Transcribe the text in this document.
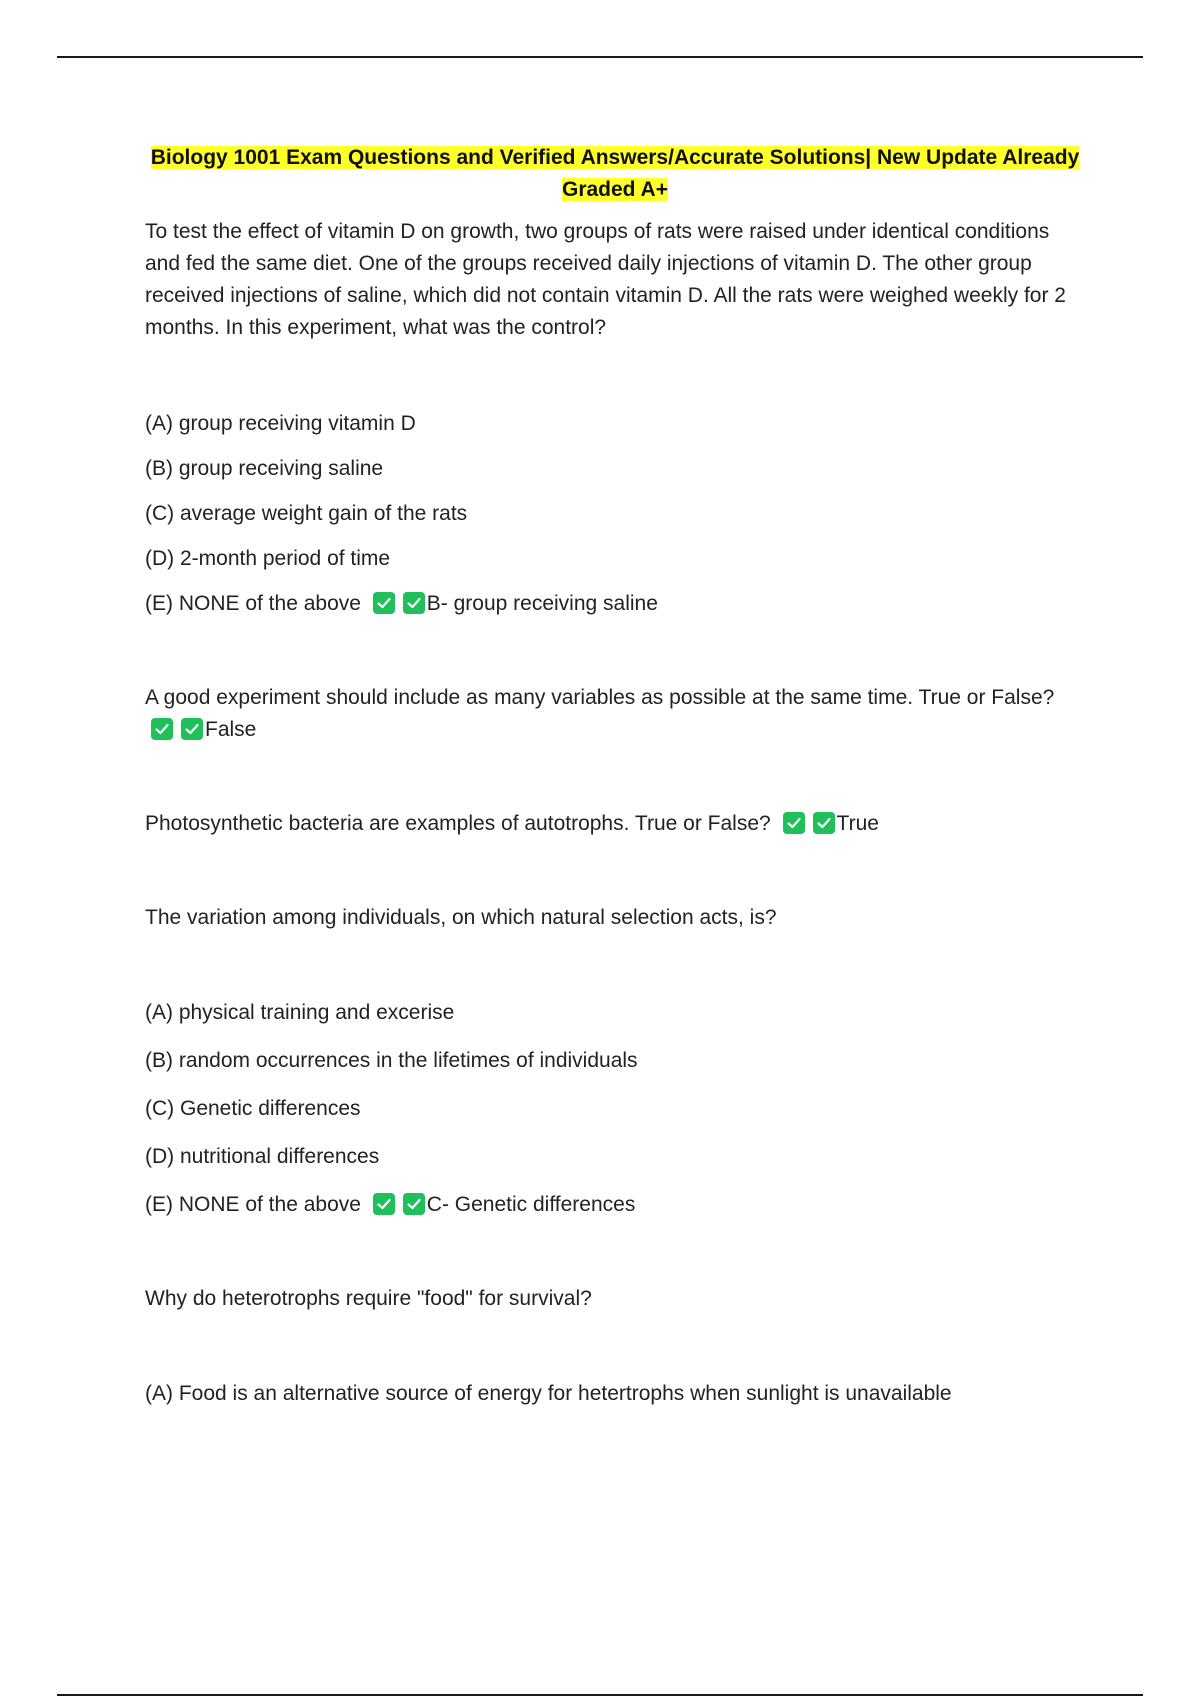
Biology 1001 Exam Questions and Verified Answers/Accurate Solutions| New Update Already Graded A+

To test the effect of vitamin D on growth, two groups of rats were raised under identical conditions and fed the same diet. One of the groups received daily injections of vitamin D. The other group received injections of saline, which did not contain vitamin D. All the rats were weighed weekly for 2 months. In this experiment, what was the control?

(A) group receiving vitamin D

(B) group receiving saline

(C) average weight gain of the rats

(D) 2-month period of time

(E) NONE of the above	B- group receiving saline

A good experiment should include as many variables as possible at the same time. True or False?
False

Photosynthetic bacteria are examples of autotrophs. True or False?	True

The variation among individuals, on which natural selection acts, is?

(A) physical training and excerise

(B) random occurrences in the lifetimes of individuals

(C) Genetic differences

(D) nutritional differences

(E) NONE of the above	C- Genetic differences

Why do heterotrophs require "food" for survival?

(A) Food is an alternative source of energy for hetertrophs when sunlight is unavailable
